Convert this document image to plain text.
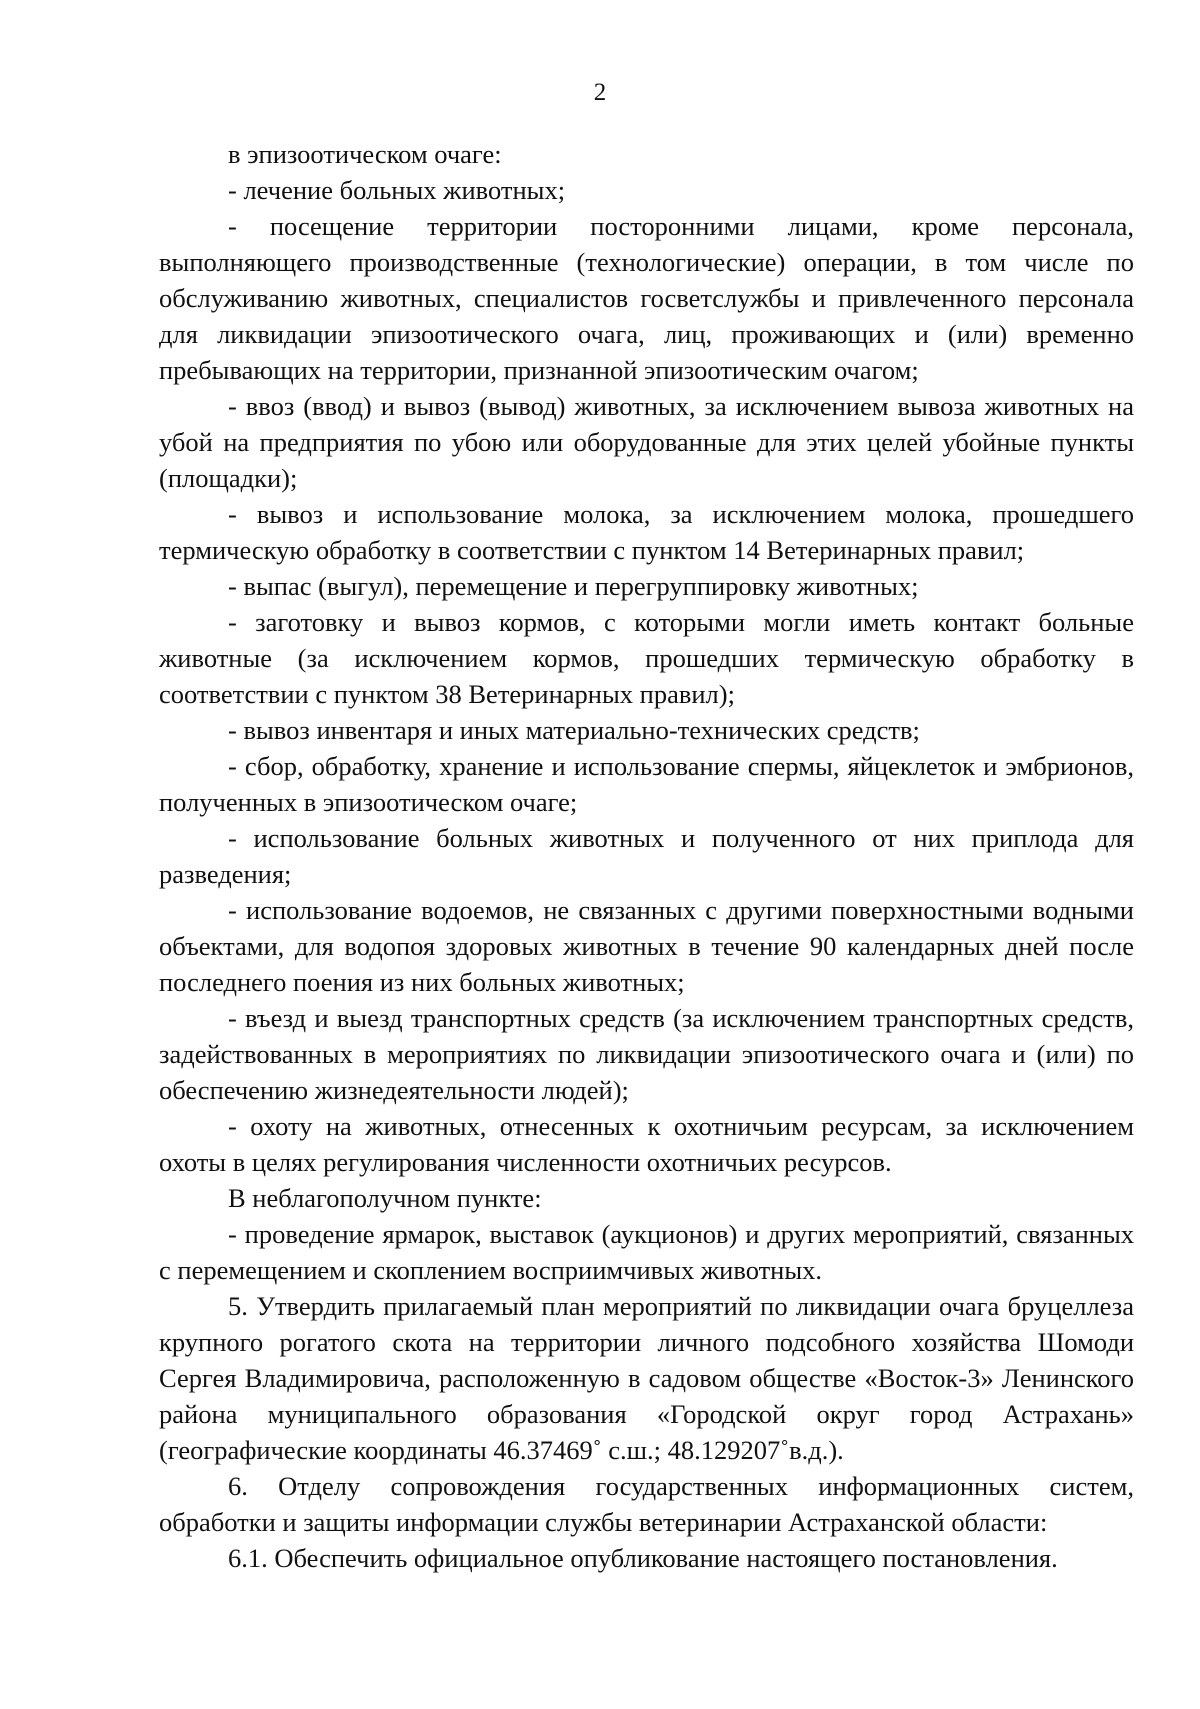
2

в эпизоотическом очаге:

- лечение больных животных;

- посещение территории посторонними лицами, кроме персонала, выполняющего производственные (технологические) операции, в том числе по обслуживанию животных, специалистов госветслужбы и привлеченного персонала для ликвидации эпизоотического очага, лиц, проживающих и (или) временно пребывающих на территории, признанной эпизоотическим очагом;

- ввоз (ввод) и вывоз (вывод) животных, за исключением вывоза животных на убой на предприятия по убою или оборудованные для этих целей убойные пункты (площадки);

- вывоз и использование молока, за исключением молока, прошедшего термическую обработку в соответствии с пунктом 14 Ветеринарных правил;

- выпас (выгул), перемещение и перегруппировку животных;

- заготовку и вывоз кормов, с которыми могли иметь контакт больные животные (за исключением кормов, прошедших термическую обработку в соответствии с пунктом 38 Ветеринарных правил);

- вывоз инвентаря и иных материально-технических средств;

- сбор, обработку, хранение и использование спермы, яйцеклеток и эмбрионов, полученных в эпизоотическом очаге;

- использование больных животных и полученного от них приплода для разведения;

- использование водоемов, не связанных с другими поверхностными водными объектами, для водопоя здоровых животных в течение 90 календарных дней после последнего поения из них больных животных;

- въезд и выезд транспортных средств (за исключением транспортных средств, задействованных в мероприятиях по ликвидации эпизоотического очага и (или) по обеспечению жизнедеятельности людей);

- охоту на животных, отнесенных к охотничьим ресурсам, за исключением охоты в целях регулирования численности охотничьих ресурсов.

В неблагополучном пункте:

- проведение ярмарок, выставок (аукционов) и других мероприятий, связанных с перемещением и скоплением восприимчивых животных.

5. Утвердить прилагаемый план мероприятий по ликвидации очага бруцеллеза крупного рогатого скота на территории личного подсобного хозяйства Шомоди Сергея Владимировича, расположенную в садовом обществе «Восток-3» Ленинского района муниципального образования «Городской округ город Астрахань» (географические координаты 46.37469˚ с.ш.; 48.129207˚в.д.).

6. Отделу сопровождения государственных информационных систем, обработки и защиты информации службы ветеринарии Астраханской области:

6.1. Обеспечить официальное опубликование настоящего постановления.
